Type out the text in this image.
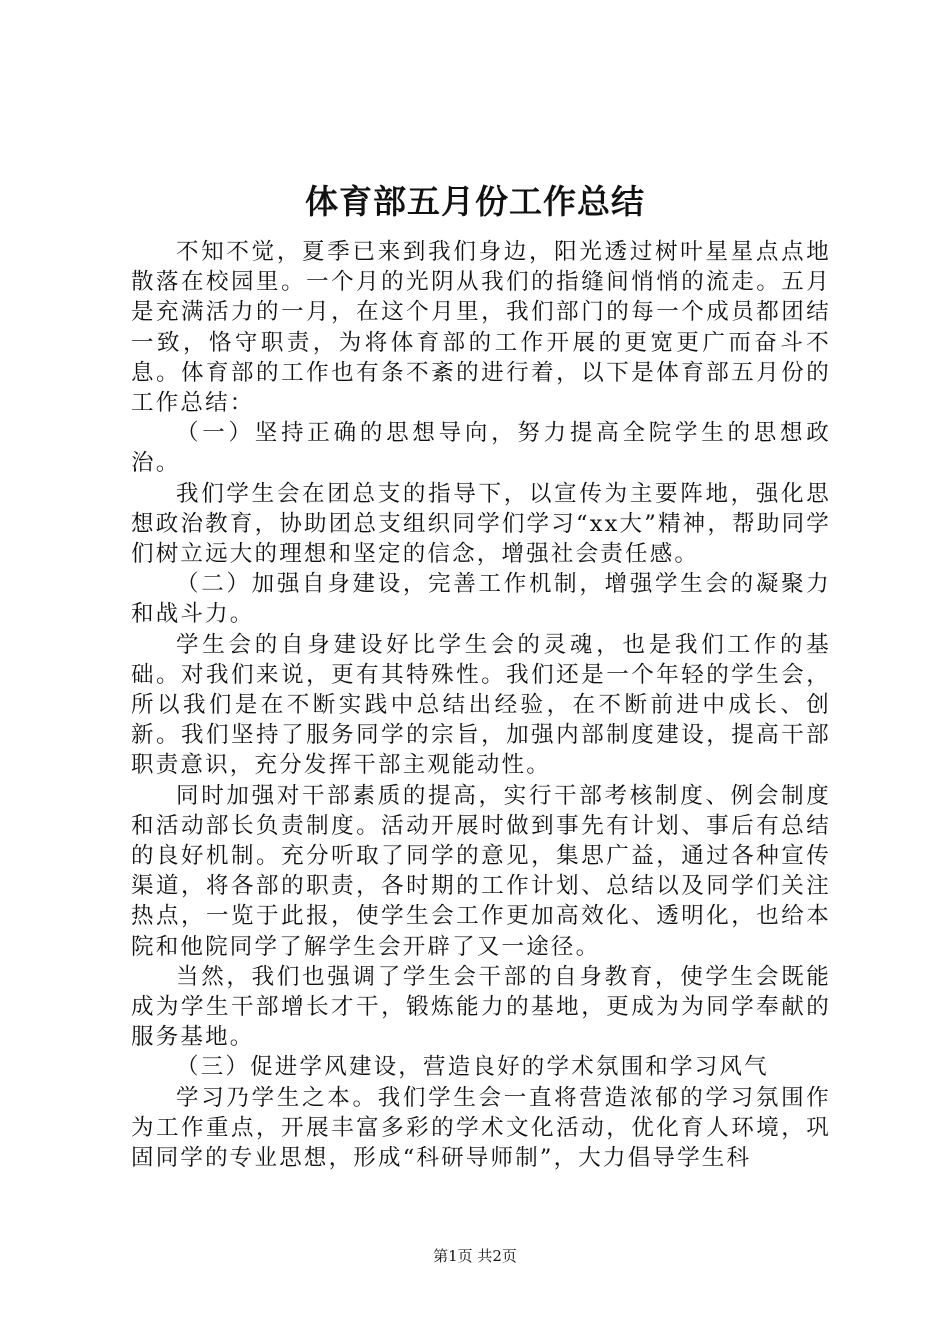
体育部五月份工作总结

不知不觉，夏季已来到我们身边，阳光透过树叶星星点点地散落在校园里。一个月的光阴从我们的指缝间悄悄的流走。五月是充满活力的一月，在这个月里，我们部门的每一个成员都团结一致，恪守职责，为将体育部的工作开展的更宽更广而奋斗不息。体育部的工作也有条不紊的进行着，以下是体育部五月份的工作总结：

（一）坚持正确的思想导向，努力提高全院学生的思想政治。

我们学生会在团总支的指导下，以宣传为主要阵地，强化思想政治教育，协助团总支组织同学们学习“xx大”精神，帮助同学们树立远大的理想和坚定的信念，增强社会责任感。

（二）加强自身建设，完善工作机制，增强学生会的凝聚力和战斗力。

学生会的自身建设好比学生会的灵魂，也是我们工作的基础。对我们来说，更有其特殊性。我们还是一个年轻的学生会，所以我们是在不断实践中总结出经验，在不断前进中成长、创新。我们坚持了服务同学的宗旨，加强内部制度建设，提高干部职责意识，充分发挥干部主观能动性。

同时加强对干部素质的提高，实行干部考核制度、例会制度和活动部长负责制度。活动开展时做到事先有计划、事后有总结的良好机制。充分听取了同学的意见，集思广益，通过各种宣传渠道，将各部的职责，各时期的工作计划、总结以及同学们关注热点，一览于此报，使学生会工作更加高效化、透明化，也给本院和他院同学了解学生会开辟了又一途径。

当然，我们也强调了学生会干部的自身教育，使学生会既能成为学生干部增长才干，锻炼能力的基地，更成为为同学奉献的服务基地。

（三）促进学风建设，营造良好的学术氛围和学习风气

学习乃学生之本。我们学生会一直将营造浓郁的学习氛围作为工作重点，开展丰富多彩的学术文化活动，优化育人环境，巩固同学的专业思想，形成“科研导师制”，大力倡导学生科

第1页 共2页
